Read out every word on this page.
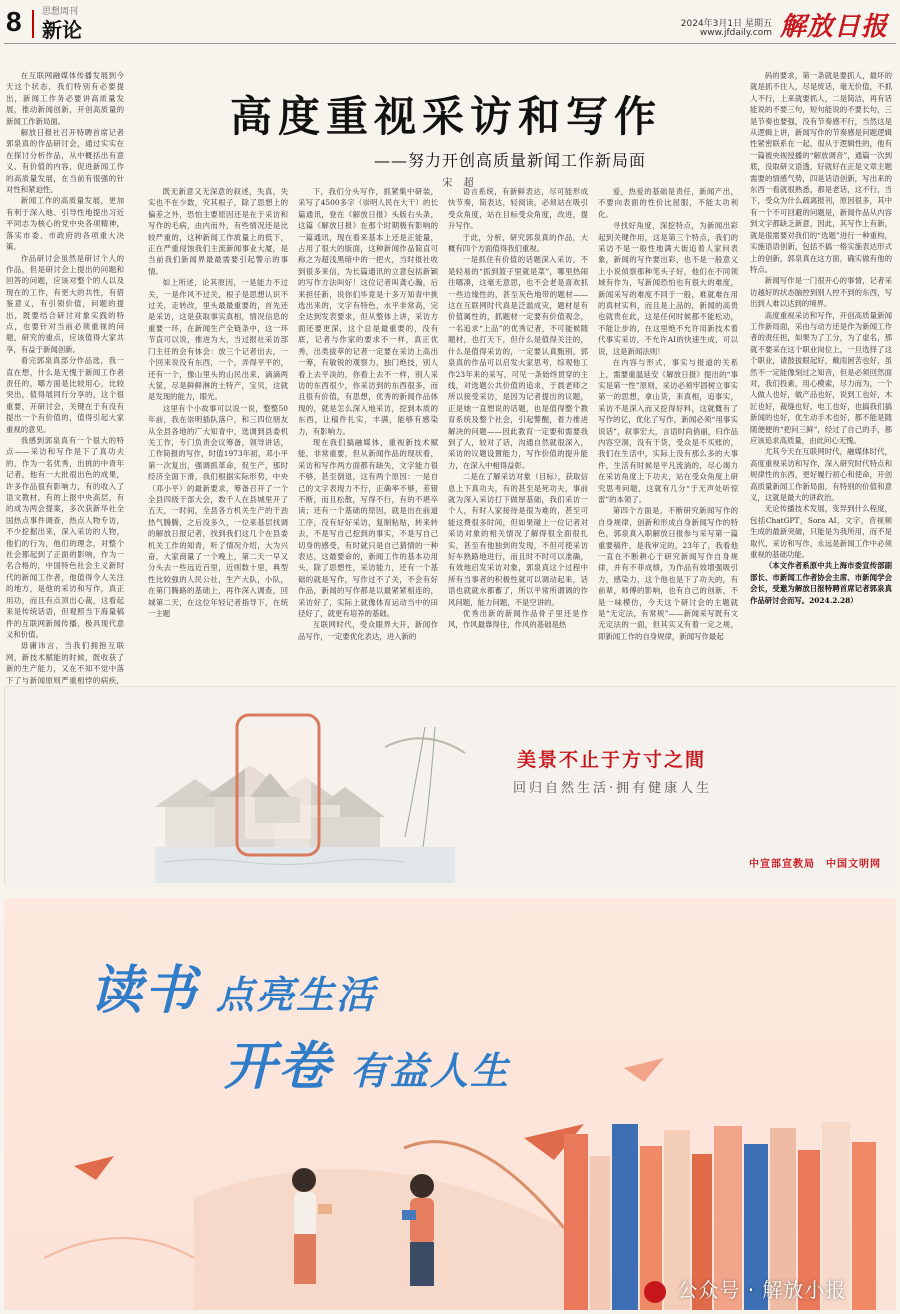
8 思想周刊
新论	2024年3月1日 星期五
www.jfdaily.com 解放日报
高度重视采访和写作
——努力开创高质量新闻工作新局面
宋 超

在互联网融媒体传播发展到今天这个状态，我们特别有必要提出，新闻工作务必要讲高质量发展，推动新闻创新，开创高质量的新闻工作新局面。

解放日报社召开特聘首席记者郭泉真的作品研讨会，通过实实在在探讨分析作品，从中概括出有意义、有价值的内容，促进新闻工作的高质量发展，在当前有很强的针对性和紧迫性。

新闻工作的高质量发展，更加有利于深入地、引导性地提出习近平同志为核心的党中央各项精神，落实市委、市政府的各项重大决策。

作品研讨会虽然是研讨个人的作品，但是研讨会上提出的问题和回答的问题，应该对整个的人以及现在的工作，有更大的共性，有借鉴意义，有引领价值，问题的提出，既要结合研讨对象实践的特点，也要针对当前必须重视的问题，研究的重点，应该值得大家共享，有益于新闻创新。

看完郭泉真部分作品选，我一直在想，什么是无愧于新闻工作者责任的，哪方面是比较用心，比较突出，值得展同行分享的，这个很重要，开研讨会，关键在于有没有提出一个有价值的，值得引起大家重视的意见。

我感到郭泉真有一个很大的特点——采访和写作是下了真功夫的，作为一名优秀，出挑的中青年记者，他有一大批很出色的成果，许多作品很有影响力，有的收入了语文教材，有的上报中央高层，有的成为两会提案，多次获新华社全国热点事件调查，热点人物专访，不少挖掘出来，深入采访的人物，他们的行为，他们的理念，对整个社会都起到了正面的影响，作为一名合格的，中国特色社会主义新时代的新闻工作者，他值得令人关注的地方，是他的采访和写作，真正用功，而且有点顶出心裁，这看起来是传统话语，但观照当下海量稿件的互联网新闻传播，极具现代意义和价值。

毋庸讳言，当我们拥抱互联网，新技术赋能的时候，既收获了新的生产能力，又在不知不觉中落下了与新闻原则严重相悖的病疾，

既无新意又无深意的叙述，失真，失实也不在少数，究其根子，除了思想上的偏差之外，恐怕主要原因还是在于采访和写作的毛病，由内而外，有些情况还是比较严重的，这种新闻工作质量上的低下，正在严重侵蚀我们主流新闻事业大厦，是当前我们新闻界最最需要引起警示的事情。

如上所述，论其原因，一是能力不过关，一是作风不过关，根子是思想认识不过关，走转改，里头最最重要的，首先还是采访，这是获取事实真相，情况信息的重要一环，在新闻生产全链条中，这一环节直可以说，推进为大，当过报社采访部门主任的会有体会：放三个记者出去，一个回来说没有东西，一个，弄得平平的，还有一个，像山里头的山民出来，滴滴两大筐，尽是鲜鲜淋的土特产，宝贝，这就是发现的能力，眼光。

这里有个小故事可以说一说，整整50年前，我在崇明插队落户，和三四位朋友从全县各地的广大知青中，选调到县委机关工作，专门负责会议筹备，领导讲话，工作简报的写作，时值1973年初，邓小平第一次复出，强调抓革命，促生产，那时经济全面下滑，我们根据实际形势，中央（邓小平）的最新要求，筹备召开了一个全县四级干部大会，数千人在县城里开了五天，一时间，全县各方机关生产的干劲热气腾腾，之后没多久，一位来基层找调的解放日报记者，找到我们这几个在县委机关工作的知青，听了情况介绍，大为兴奋，大家商量了一个晚上，第二天一早又分头去一些远近百里，近则数十里，典型性比较强的人民公社，生产大队，小队，在第门腾路的基础上，再作深入调查，回城第二天，在这位年轻记者指导下，在统一主题

下，我们分头写作，抓紧集中研装，采写了4500多字（崇明人民在大干）的长篇通讯，登在《解放日报》头版右头条，这篇《解放日报》在那个时期极有影响的一篇通讯，现在看来基本上还是正能量，占用了很大的版面，这种新闻作品简直可称之为超浅黑暗中的一把火，当时报社收到很多来信，为长篇通讯的立意包括新颖的写作方法叫好！这位记者叫龚心瀚，后来担任新，说你们毕竟是十多万知青中挑选出来的，文字有特色，水平非常高，完全达到发表要求，但从整体上讲，采访方面还要更深，这个总是最重要的，没有底，记者与作家的要求不一样，真正优秀，出类拔萃的记者一定要在采访上高出一筹，有敏锐的观察力，独门绝技，别人看上去平淡的，你看上去不一样，别人采访的东西很少，你采访到的东西很多，而且很有价值，有思想，优秀的新闻作品体现的，就是怎么深入地采访，挖到本质的东西，让稿件扎实，丰满，能够有感染力，有影响力。

现在我们搞融媒体，重视新技术赋能，非常重要，但从新闻作品的现状看，采访和写作两方面都有缺失，文字能力很不够，甚至倒退，这有两个原因：一是自己的文字表现力不行，正确率不够，差错不断，而且松散，写得不行，有的不堪卒读；还有一个基础的原因，就是出在前道工序，没有好好采访，复制粘贴，转来转去，不是写自己挖到的事实，不是写自己切身的感受，有时就只是自己猜情的一种表达，这最要命的，新闻工作的基本功用头，除了思想性，采访能力，还有一个基础的就是写作，写作过不了关，不会有好作品，新闻的写作都是以最紧紧相连的，采访好了，实际上就像体育运动当中的田径好了，就更有培养的基础。

互联网时代，受众眼界大开，新闻作品写作，一定要优化表达，进入新的

语言系统，有新鲜表达，尽可能形成快节奏，简表达，轻阅读，必须站在吸引受众角度，站在目标受众角度，改进，提升写作。

于此，分析，研究郭泉真的作品，大概有四个方面值得我们重视。

一是抓住有价值的话题深入采访，不是轻易的“抓到篮子里就是菜”，哪里热闹往哪凑，这毫无意思，也不会老是喜欢抓一些边缘性的，甚至灰色地带的题材——这在互联网时代真是泛滥成灾，题材是有价值属性的，抓题材一定要有价值观念，一名追求“上品”的优秀记者，不可能候随题材，也打天下，但什么是值得关注的，什么是值得采访的，一定要认真甄别，郭泉真的作品可以启发大家思考，综观他工作23年来的采写，可见一条始终贯穿的主线，对选题公共价值的追求，于晨老师之所以接受采访，是因为记者提出的议题，正是她一直想说的话题，也是值得整个教育系统及整个社会，引起警醒，着力推进解决的问题——因此教育一定要和需要我到了人，较对了话，沟通自然就很深入，采访的议题设置能力，写作价值的提升能力，在深入中相得益彰。

二是在了解采访对象（目标），获取信息上下真功夫，有的甚至是死功夫，事前就为深入采访打下做厚基础，我们采访一个人，有时人家接待是很为难的，甚至可能这费很多时间，但如果碰上一位记者对采访对象的相关情况了解得很全面很扎实，甚至有他独到的发现，不但可使采访好车熟路地进行，而且时不时可以准确，有效地启发采访对象，郭泉真这个过程中所有当事者的积极性就可以调动起来，话语也就就水都蓄了，所以平常所谓调的作风问题，能力问题，不是空讲的。

优秀出新的新闻作品骨子里还是作风，作风最靠得住，作风的基础是热

爱，热爱的基础是责任，新闻产出，不要向表面的性价比屈服，不能太功利化。

寻找好角度，深挖特点，为新闻出彩起到关键作用，这是第三个特点，我们的采访不是一般性地满大街追着人家问表象，新闻的写作要出彩，也不是一般意义上小说侦察那种笔头子好，他们在不同领域有作为，写新闻恐怕也有很大的难度，新闻采写的难度不同于一般，难就难在用的真材实料，而且是上品的，新闻的高贵也就贵在此，这是任何时候都不能松动，不能让步的，在这里绝不允许用新技术着代事实采访，不允许AI的快速生成，可以说，这是新闻法则！

在内容与形式，事实与报道的关系上，需要重温延安《解放日报》提出的“事实是第一性”原则，采访必须牢固树立事实第一的思想，拿山货，来真相，追事实，采访不是深入而又挖得好料，这就慨有了写作的亿，优化了写作，新闻必须“用事实说话”，叙事宏大，言语时尚俏丽，归作品内容空洞，没有干货，受众是不买账的，我们在生活中，实际上没有那么多的大事件，生活有时候是平凡流淌的，尽心竭力在采访角度上下功夫，站在受众角度上研究思考问题，这就有几分“于无声处听惊雷”的本领了。

第四个方面是，不断研究新闻写作的自身规律，创新和形成自身新闻写作的特色，郭泉真入职解放日报参与采写第一篇重要稿件，是我审定的，23年了，我看他一直在不断耕心于研究新闻写作自身规律，并有不菲成绩，为作品有效增强吸引力，感染力，这个他也是下了功夫的，有前辈，师傅的影响，也有自己的创新，不是一味模仿，今天这个研讨会的主题就是“无定法，有常规”——新闻采写既有文无定法的一面，但其实又有着一定之规，即新闻工作的自身规律，新闻写作最起

码的要求，第一条就是要抓人，最坏的就是抓不住人，尽是废话，毫无价值，不抓人不行，上来就要抓人，二是简洁，再有话能说的不要三句，短句能说的不要长句，三是节奏也要强，没有节奏感不行，当然这是从逻辑上讲，新闻写作的节奏感是问题逻辑性紧密联系在一起，很从于逻辑性的，他有一篇被央视授播的“解放调音”，通篇一次到底，没取研文语透，好就好在正是文章主题需要的情感气势，四是话语创新，写出来的东西一看就很熟悉，都是老话，这不行，当下，受众为什么疏离报刊，原因很多，其中有一个不可回避的问题是，新闻作品从内容到文字都缺乏新意，因此，其写作上有新，就是很需要对我们的“选题”进行一种重构，实施语语创新，包括不搞一格实施表达形式上的创新，郭泉真在这方面，确实做有他的特点。

新闻写作是一门很开心的事情，记者采访越好的状态脑控到别人控不到的东西，写出到人难以达到的境界。

高度重视采访和写作，开创高质量新闻工作新局面，采由与动方还是作为新闻工作者的责任担，如果为了工分，为了虚名，那就不要采在这个职业岗位上，一旦选择了这个职业，请鼓拔眼起好，戴雨困苦也好，虽然不一定能像刻过之知音，但是必须回然面对，我们投素，用心模索，尽力而为，一个人做人也好，做产品也好，说到工也好，木匠也好，裁缝也好，电工也好，也搞我们搞新闻的也好，优生动手术也好，都不能是随随便便的“把问三鲜”，经过了自己的手，都应该追求高质量，由此问心无愧。

尤其今天在互联网时代，融媒体时代，高度重视采访和写作，深入研究时代特点和规律性的东西，更好履行初心和使命，开创高质量新闻工作新局面，有特别的价值和意义，这就是最大的讲政治。

无论传播技术发展，变异到什么程度，包括ChatGPT，Sora AI，文字，音视频生成的最新突破，只能是为我所用，而不是取代，采访和写作，永远是新闻工作中必须重视的基础功能。

（本文作者系原中共上海市委宣传部副部长、市新闻工作者协会主席、市新闻学会会长，受邀为解放日报特聘首席记者郭泉真作品研讨会而写。2024.2.28）

美景不止于方寸之間
回归自然生活·拥有健康人生
中宣部宣教局　中国文明网
读书 点亮生活
开卷 有益人生
公众号 · 解放小报
